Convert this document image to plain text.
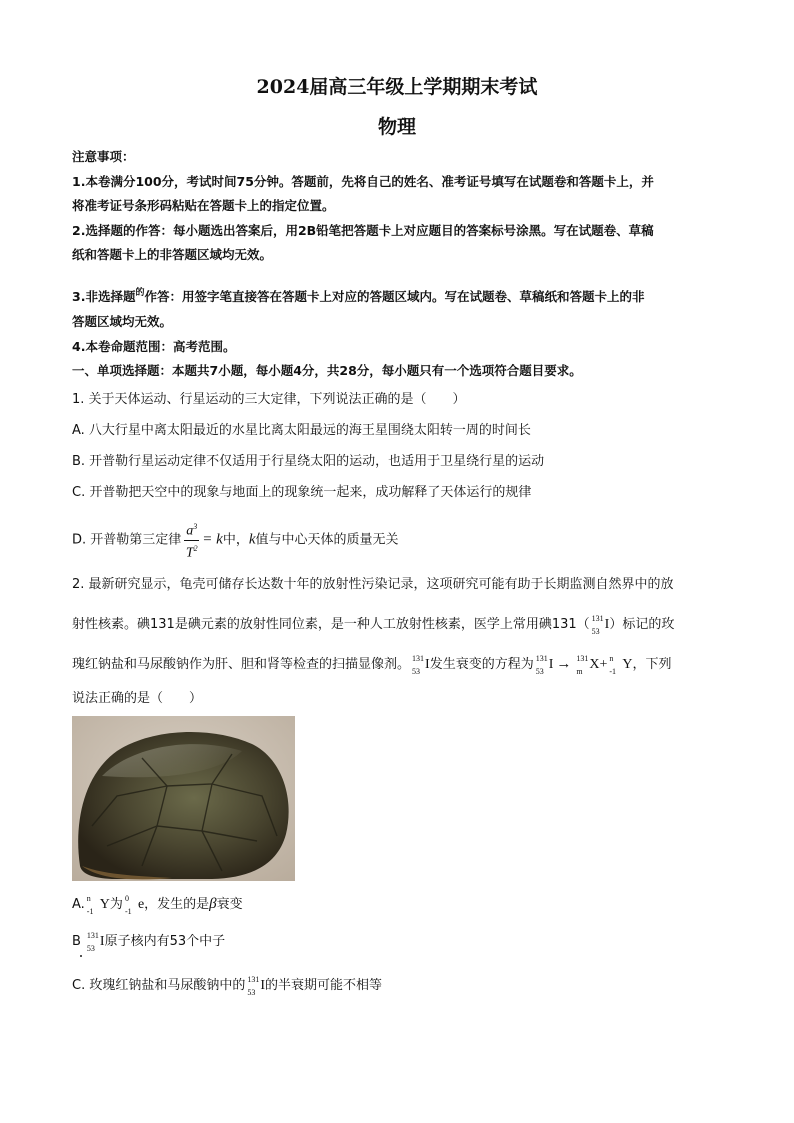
2024届高三年级上学期期末考试
物理
注意事项：
1.本卷满分100分，考试时间75分钟。答题前，先将自己的姓名、准考证号填写在试题卷和答题卡上，并
将准考证号条形码粘贴在答题卡上的指定位置。
2.选择题的作答：每小题选出答案后，用2B铅笔把答题卡上对应题目的答案标号涂黑。写在试题卷、草稿
纸和答题卡上的非答题区域均无效。
3.非选择题$^的$作答：用签字笔直接答在答题卡上对应的答题区域内。写在试题卷、草稿纸和答题卡上的非
答题区域均无效。
4.本卷命题范围：高考范围。
一、单项选择题：本题共7小题，每小题4分，共28分，每小题只有一个选项符合题目要求。
1. 关于天体运动、行星运动的三大定律，下列说法正确的是（　　）
A. 八大行星中离太阳最近的水星比离太阳最远的海王星围绕太阳转一周的时间长
B. 开普勒行星运动定律不仅适用于行星绕太阳的运动，也适用于卫星绕行星的运动
C. 开普勒把天空中的现象与地面上的现象统一起来，成功解释了天体运行的规律
D. 开普勒第三定律 $\frac{a^3}{T^2} = k$中，k值与中心天体的质量无关
2. 最新研究显示，龟壳可储存长达数十年的放射性污染记录，这项研究可能有助于长期监测自然界中的放
射性核素。碘131是碘元素的放射性同位素，是一种人工放射性核素，医学上常用碘131（ 131
53 I）标记的玫
瑰红钠盐和马尿酸钠作为肝、胆和肾等检查的扫描显像剂。 131
53 I发生衰变的方程为 131
53 I → 131
m X+ n
-1 Y，下列
说法正确的是（　　）
A. n
-1 Y为 0
-1 e，发生的是β衰变
B 131
53 I原子核内有53个中子
C. 玫瑰红钠盐和马尿酸钠中的 131
53 I的半衰期可能不相等
